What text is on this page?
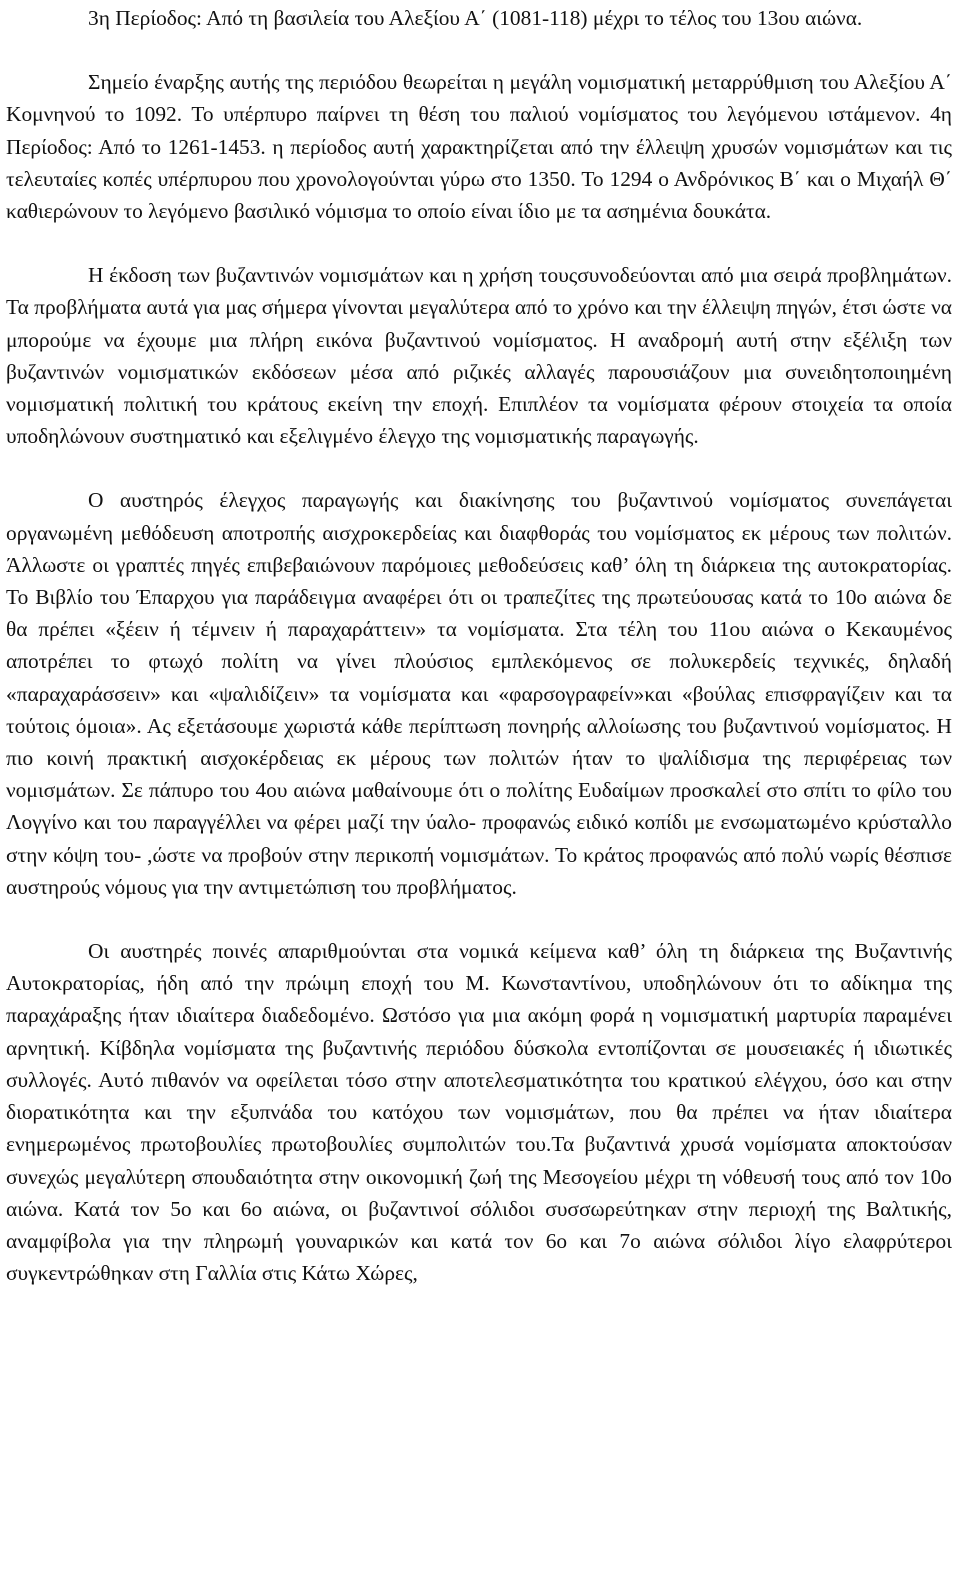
3η Περίοδος: Από τη βασιλεία του Αλεξίου Α΄ (1081-118) μέχρι το τέλος του 13ου αιώνα.

Σημείο έναρξης αυτής της περιόδου θεωρείται η μεγάλη νομισματική μεταρρύθμιση του Αλεξίου Α΄ Κομνηνού το 1092. Το υπέρπυρο παίρνει τη θέση του παλιού νομίσματος του λεγόμενου ιστάμενον. 4η Περίοδος: Από το 1261-1453. η περίοδος αυτή χαρακτηρίζεται από την έλλειψη χρυσών νομισμάτων και τις τελευταίες κοπές υπέρπυρου που χρονολογούνται γύρω στο 1350. Το 1294 ο Ανδρόνικος Β΄ και ο Μιχαήλ Θ΄ καθιερώνουν το λεγόμενο βασιλικό νόμισμα το οποίο είναι ίδιο με τα ασημένια δουκάτα.

Η έκδοση των βυζαντινών νομισμάτων και η χρήση τουςσυνοδεύονται από μια σειρά προβλημάτων. Τα προβλήματα αυτά για μας σήμερα γίνονται μεγαλύτερα από το χρόνο και την έλλειψη πηγών, έτσι ώστε να μπορούμε να έχουμε μια πλήρη εικόνα βυζαντινού νομίσματος. Η αναδρομή αυτή στην εξέλιξη των βυζαντινών νομισματικών εκδόσεων μέσα από ριζικές αλλαγές παρουσιάζουν μια συνειδητοποιημένη νομισματική πολιτική του κράτους εκείνη την εποχή. Επιπλέον τα νομίσματα φέρουν στοιχεία τα οποία υποδηλώνουν συστηματικό και εξελιγμένο έλεγχο της νομισματικής παραγωγής.

Ο αυστηρός έλεγχος παραγωγής και διακίνησης του βυζαντινού νομίσματος συνεπάγεται οργανωμένη μεθόδευση αποτροπής αισχροκερδείας και διαφθοράς του νομίσματος εκ μέρους των πολιτών. Άλλωστε οι γραπτές πηγές επιβεβαιώνουν παρόμοιες μεθοδεύσεις καθ’ όλη τη διάρκεια της αυτοκρατορίας. Το Βιβλίο του Έπαρχου για παράδειγμα αναφέρει ότι οι τραπεζίτες της πρωτεύουσας κατά το 10ο αιώνα δε θα πρέπει «ξέειν ή τέμνειν ή παραχαράττειν» τα νομίσματα. Στα τέλη του 11ου αιώνα ο Κεκαυμένος αποτρέπει το φτωχό πολίτη να γίνει πλούσιος εμπλεκόμενος σε πολυκερδείς τεχνικές, δηλαδή «παραχαράσσειν» και «ψαλιδίζειν» τα νομίσματα και «φαρσογραφείν»και «βούλας επισφραγίζειν και τα τούτοις όμοια». Ας εξετάσουμε χωριστά κάθε περίπτωση πονηρής αλλοίωσης του βυζαντινού νομίσματος. Η πιο κοινή πρακτική αισχοκέρδειας εκ μέρους των πολιτών ήταν το ψαλίδισμα της περιφέρειας των νομισμάτων. Σε πάπυρο του 4ου αιώνα μαθαίνουμε ότι ο πολίτης Ευδαίμων προσκαλεί στο σπίτι το φίλο του Λογγίνο και του παραγγέλλει να φέρει μαζί την ύαλο- προφανώς ειδικό κοπίδι με ενσωματωμένο κρύσταλλο στην κόψη του- ,ώστε να προβούν στην περικοπή νομισμάτων. Το κράτος προφανώς από πολύ νωρίς θέσπισε αυστηρούς νόμους για την αντιμετώπιση του προβλήματος.

Οι αυστηρές ποινές απαριθμούνται στα νομικά κείμενα καθ’ όλη τη διάρκεια της Βυζαντινής Αυτοκρατορίας, ήδη από την πρώιμη εποχή του Μ. Κωνσταντίνου, υποδηλώνουν ότι το αδίκημα της παραχάραξης ήταν ιδιαίτερα διαδεδομένο. Ωστόσο για μια ακόμη φορά η νομισματική μαρτυρία παραμένει αρνητική. Κίβδηλα νομίσματα της βυζαντινής περιόδου δύσκολα εντοπίζονται σε μουσειακές ή ιδιωτικές συλλογές. Αυτό πιθανόν να οφείλεται τόσο στην αποτελεσματικότητα του κρατικού ελέγχου, όσο και στην διορατικότητα και την εξυπνάδα του κατόχου των νομισμάτων, που θα πρέπει να ήταν ιδιαίτερα ενημερωμένος πρωτοβουλίες πρωτοβουλίες συμπολιτών του.Τα βυζαντινά χρυσά νομίσματα αποκτούσαν συνεχώς μεγαλύτερη σπουδαιότητα στην οικονομική ζωή της Μεσογείου μέχρι τη νόθευσή τους από τον 10ο αιώνα. Κατά τον 5ο και 6ο αιώνα, οι βυζαντινοί σόλιδοι συσσωρεύτηκαν στην περιοχή της Βαλτικής, αναμφίβολα για την πληρωμή γουναρικών και κατά τον 6ο και 7ο αιώνα σόλιδοι λίγο ελαφρύτεροι συγκεντρώθηκαν στη Γαλλία στις Κάτω Χώρες,
